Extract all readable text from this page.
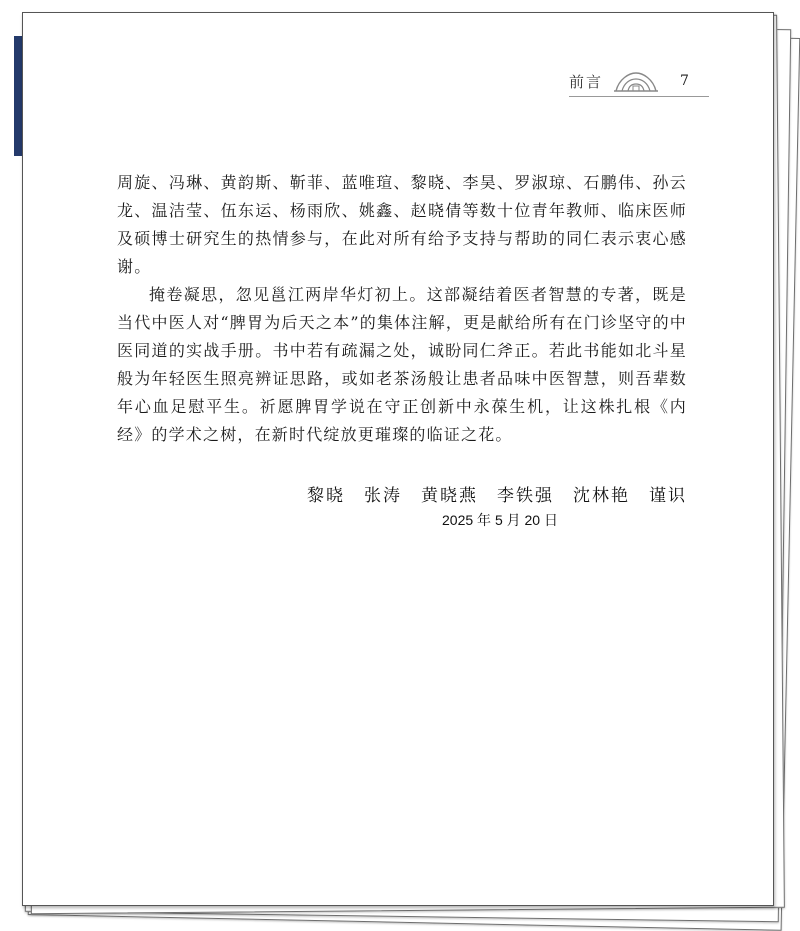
前言	7

周旋、冯琳、黄韵斯、靳菲、蓝唯瑄、黎晓、李昊、罗淑琼、石鹏伟、孙云龙、温洁莹、伍东运、杨雨欣、姚鑫、赵晓倩等数十位青年教师、临床医师及硕博士研究生的热情参与，在此对所有给予支持与帮助的同仁表示衷心感谢。

掩卷凝思，忽见邕江两岸华灯初上。这部凝结着医者智慧的专著，既是当代中医人对“脾胃为后天之本”的集体注解，更是献给所有在门诊坚守的中医同道的实战手册。书中若有疏漏之处，诚盼同仁斧正。若此书能如北斗星般为年轻医生照亮辨证思路，或如老茶汤般让患者品味中医智慧，则吾辈数年心血足慰平生。祈愿脾胃学说在守正创新中永葆生机，让这株扎根《内经》的学术之树，在新时代绽放更璀璨的临证之花。

黎晓　张涛　黄晓燕　李铁强　沈林艳　谨识
2025 年 5 月 20 日
